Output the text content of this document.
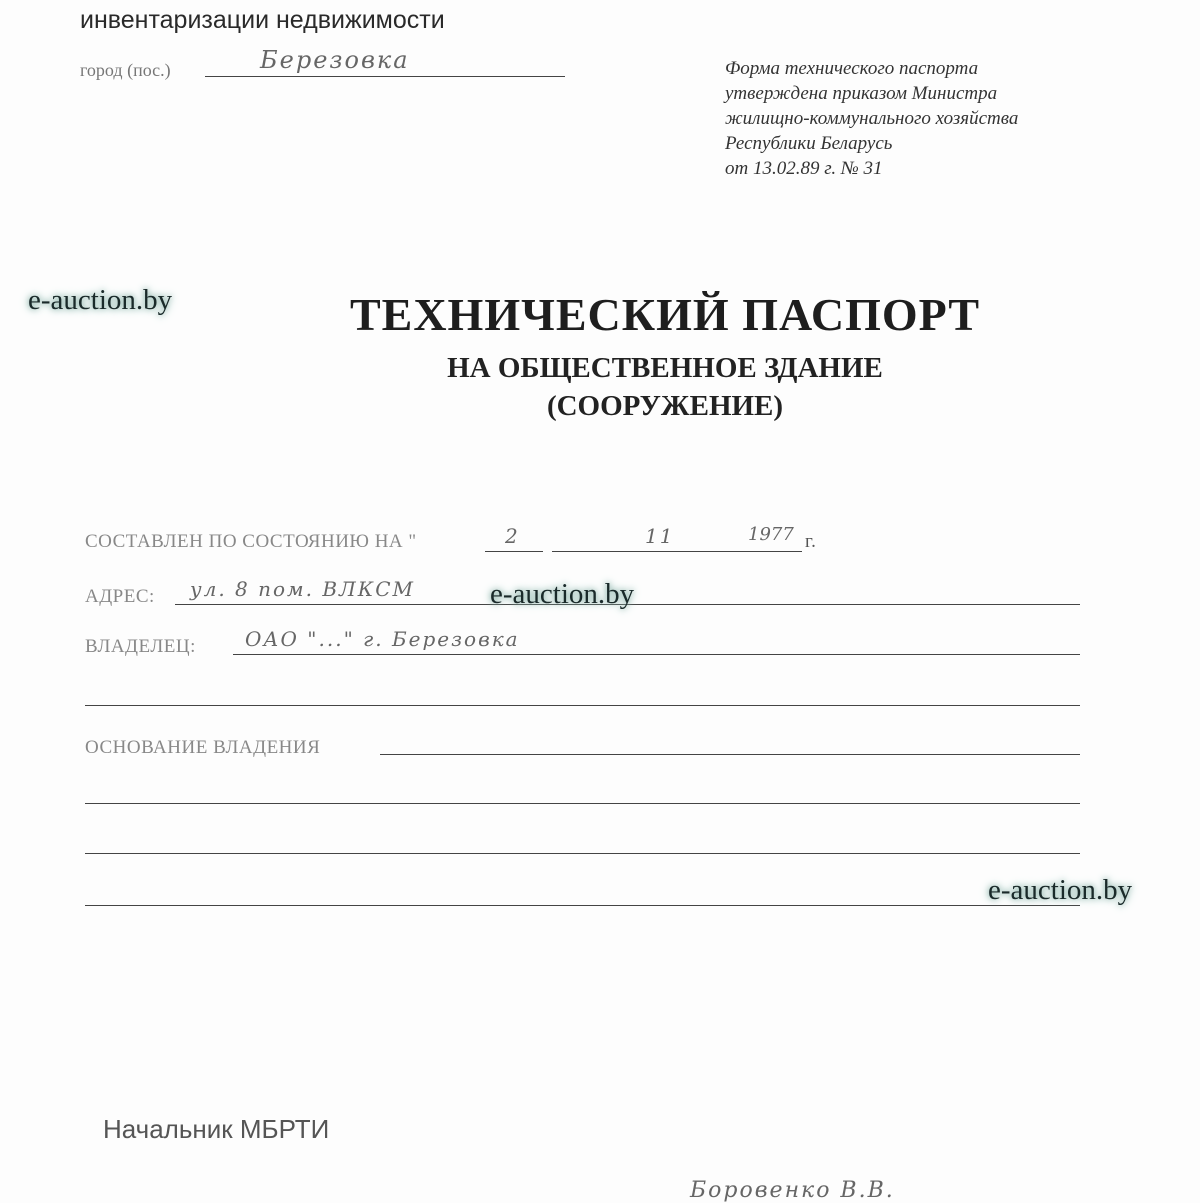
инвентаризации недвижимости
город (пос.)	Березовка	Форма технического паспорта
утверждена приказом Министра
жилищно-коммунального хозяйства
Республики Беларусь
от 13.02.89 г. № 31
e-auction.by	ТЕХНИЧЕСКИЙ ПАСПОРТ
НА ОБЩЕСТВЕННОЕ ЗДАНИЕ
(СООРУЖЕНИЕ)
СОСТАВЛЕН ПО СОСТОЯНИЮ НА "	2	11	1977 г.
АДРЕС: ул. 8 пом. ВЛКСМ	e-auction.by
ВЛАДЕЛЕЦ: ОАО "..." г. Березовка
ОСНОВАНИЕ ВЛАДЕНИЯ
e-auction.by
Начальник МБРТИ
Боровенко В.В.
